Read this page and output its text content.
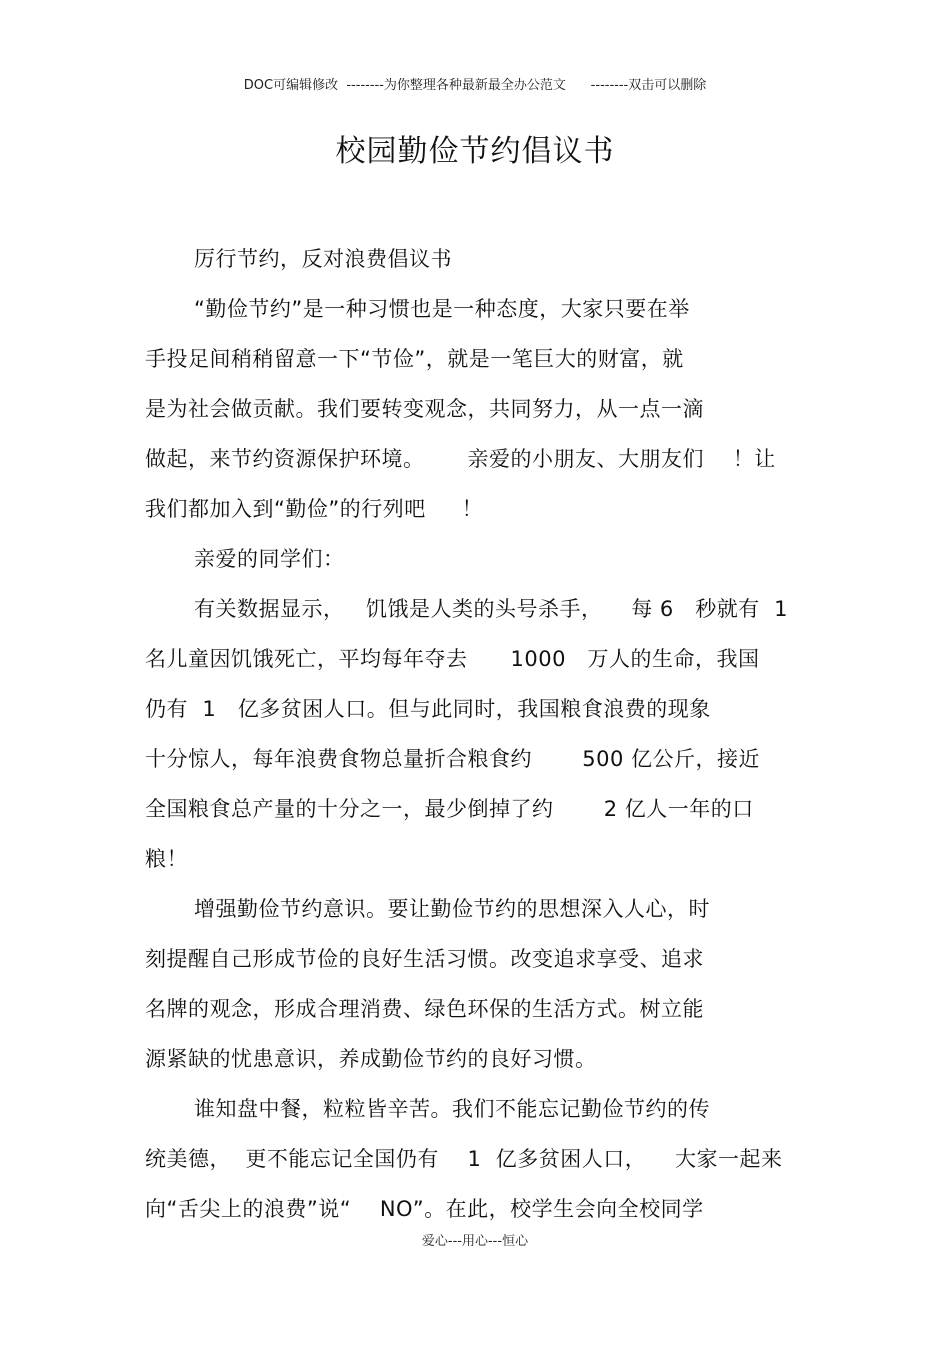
DOC可编辑修改  --------为你整理各种最新最全办公范文      --------双击可以删除
校园勤俭节约倡议书
厉行节约，反对浪费倡议书
“勤俭节约”是一种习惯也是一种态度，大家只要在举
手投足间稍稍留意一下“节俭”，就是一笔巨大的财富，就
是为社会做贡献。我们要转变观念，共同努力，从一点一滴
做起，来节约资源保护环境。      亲爱的小朋友、大朋友们    ！让
我们都加入到“勤俭”的行列吧     ！
亲爱的同学们：
有关数据显示，   饥饿是人类的头号杀手，    每 6   秒就有  1
名儿童因饥饿死亡，平均每年夺去      1000   万人的生命，我国
仍有  1   亿多贫困人口。但与此同时，我国粮食浪费的现象
十分惊人，每年浪费食物总量折合粮食约       500 亿公斤，接近
全国粮食总产量的十分之一，最少倒掉了约       2 亿人一年的口
粮！
增强勤俭节约意识。要让勤俭节约的思想深入人心，时
刻提醒自己形成节俭的良好生活习惯。改变追求享受、追求
名牌的观念，形成合理消费、绿色环保的生活方式。树立能
源紧缺的忧患意识，养成勤俭节约的良好习惯。
谁知盘中餐，粒粒皆辛苦。我们不能忘记勤俭节约的传
统美德，  更不能忘记全国仍有    1  亿多贫困人口，    大家一起来
向“舌尖上的浪费”说“    NO”。在此，校学生会向全校同学
爱心---用心---恒心
